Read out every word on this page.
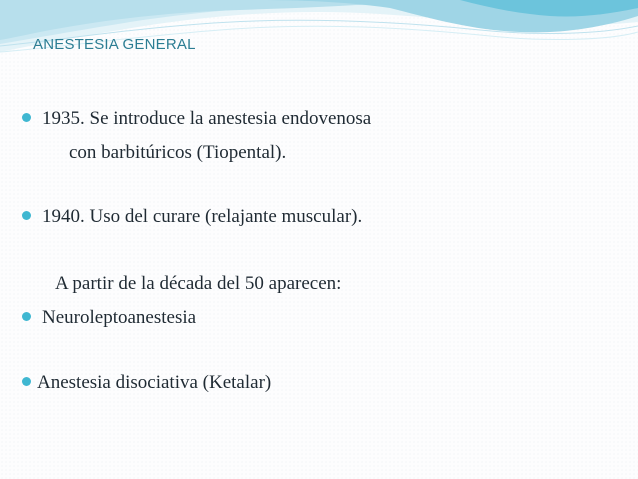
ANESTESIA GENERAL
1935. Se introduce la anestesia endovenosa
con barbitúricos (Tiopental).
1940. Uso del curare (relajante muscular).
A partir de la década del 50 aparecen:
Neuroleptoanestesia
Anestesia disociativa (Ketalar)
